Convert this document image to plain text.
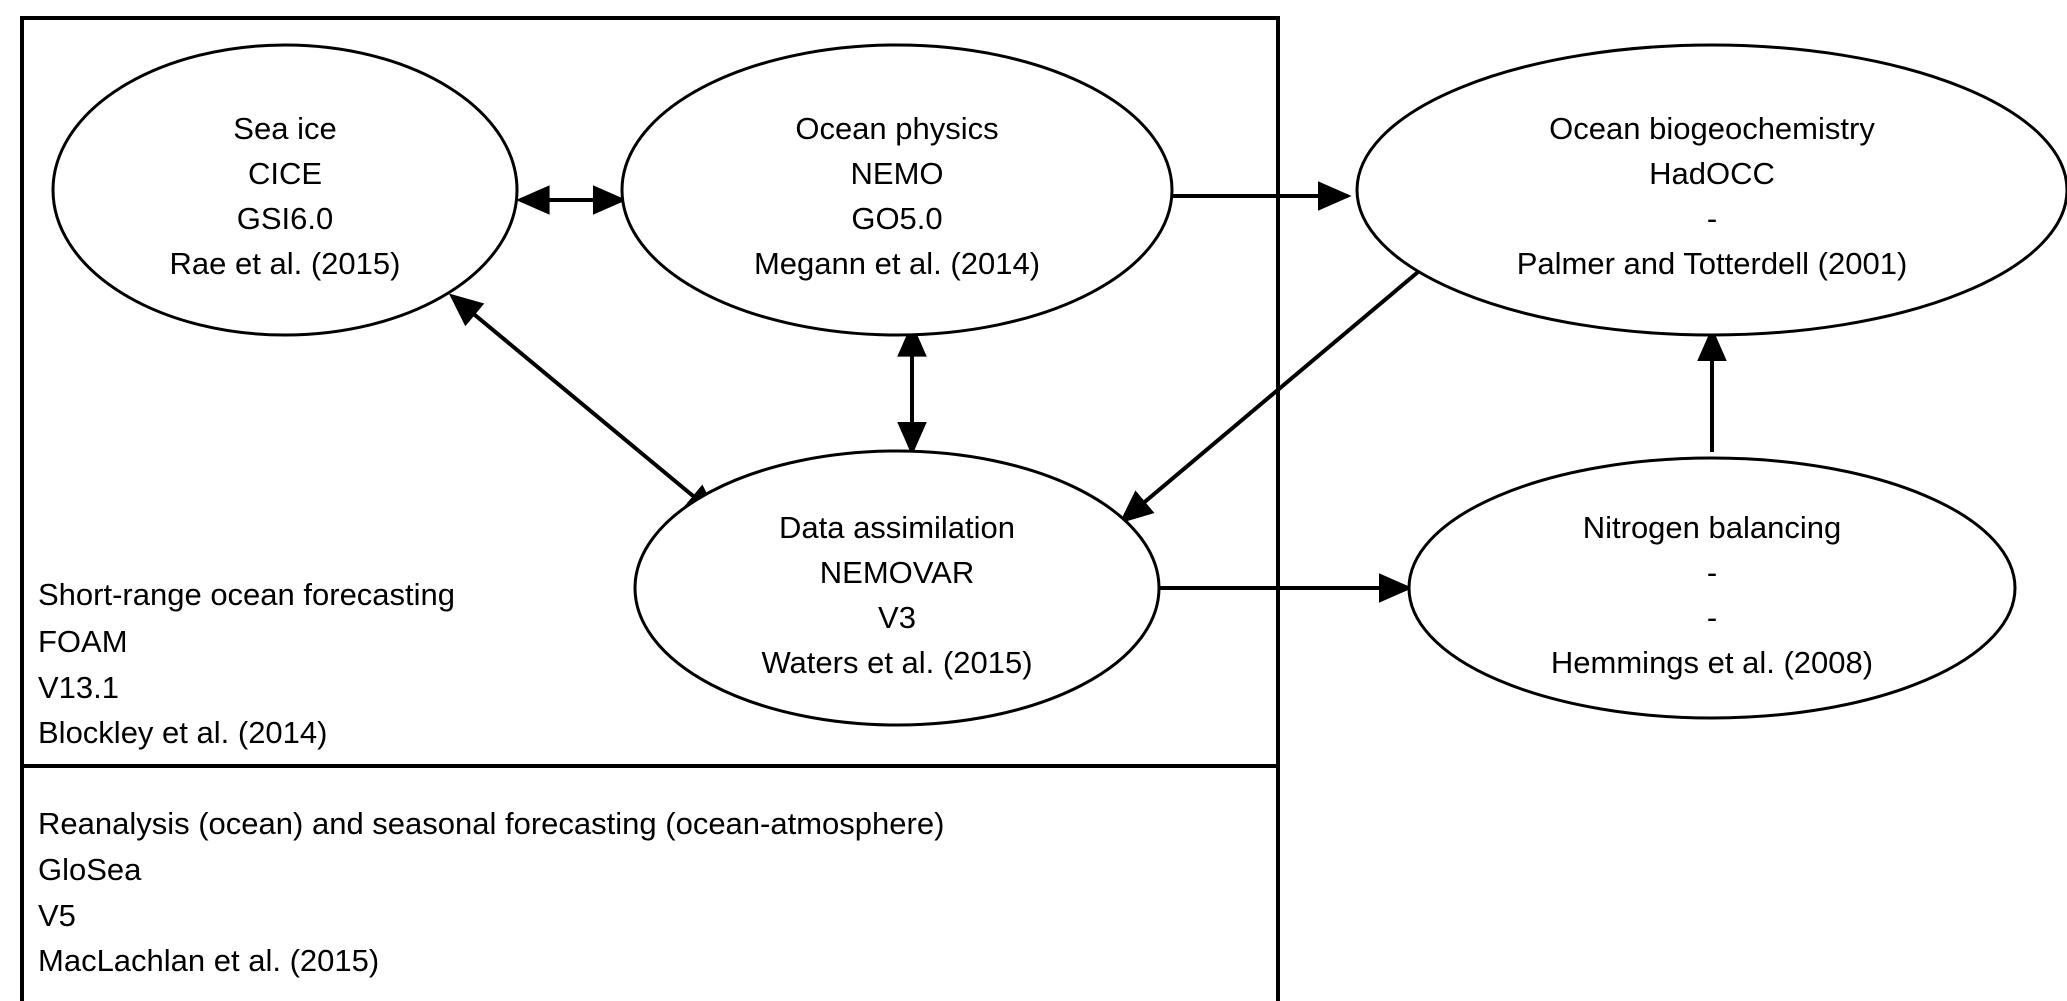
Sea ice
CICE
GSI6.0
Rae et al. (2015)
Ocean physics
NEMO
GO5.0
Megann et al. (2014)
Ocean biogeochemistry
HadOCC
-
Palmer and Totterdell (2001)
Data assimilation
NEMOVAR
V3
Waters et al. (2015)
Nitrogen balancing
-
-
Hemmings et al. (2008)
Short-range ocean forecasting
FOAM
V13.1
Blockley et al. (2014)
Reanalysis (ocean) and seasonal forecasting (ocean-atmosphere)
GloSea
V5
MacLachlan et al. (2015)
